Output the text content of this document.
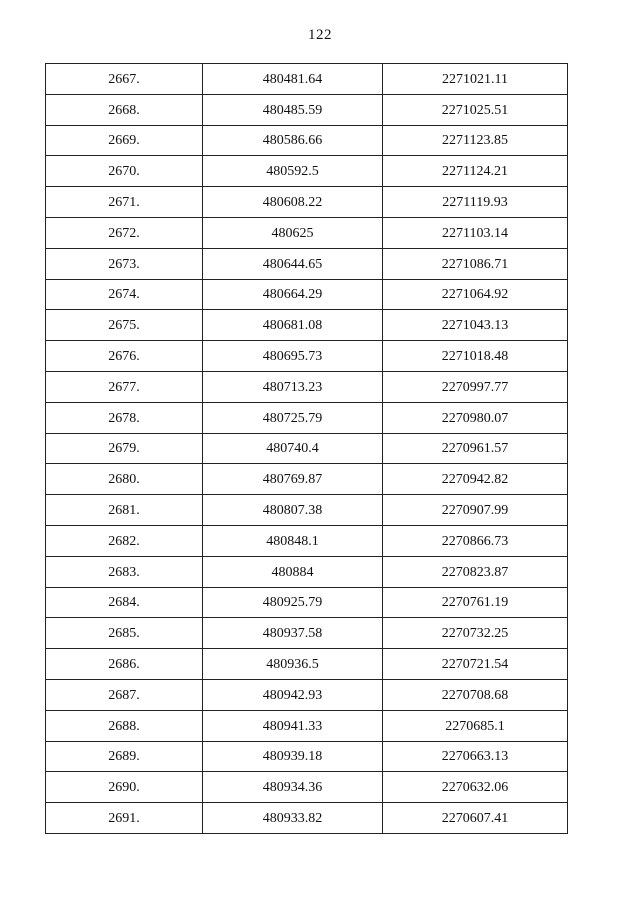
122
2667.	480481.64	2271021.11
2668.	480485.59	2271025.51
2669.	480586.66	2271123.85
2670.	480592.5	2271124.21
2671.	480608.22	2271119.93
2672.	480625	2271103.14
2673.	480644.65	2271086.71
2674.	480664.29	2271064.92
2675.	480681.08	2271043.13
2676.	480695.73	2271018.48
2677.	480713.23	2270997.77
2678.	480725.79	2270980.07
2679.	480740.4	2270961.57
2680.	480769.87	2270942.82
2681.	480807.38	2270907.99
2682.	480848.1	2270866.73
2683.	480884	2270823.87
2684.	480925.79	2270761.19
2685.	480937.58	2270732.25
2686.	480936.5	2270721.54
2687.	480942.93	2270708.68
2688.	480941.33	2270685.1
2689.	480939.18	2270663.13
2690.	480934.36	2270632.06
2691.	480933.82	2270607.41
